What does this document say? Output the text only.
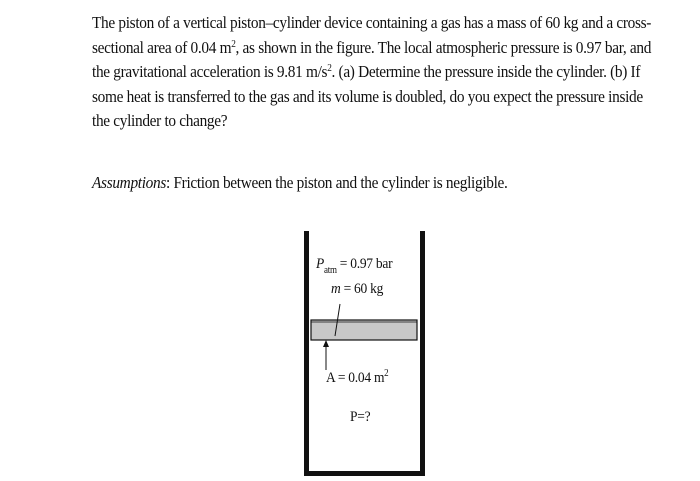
The piston of a vertical piston–cylinder device containing a gas has a mass of 60 kg and a cross-
sectional area of 0.04 $m^2$, as shown in the figure. The local atmospheric pressure is 0.97 bar, and
the gravitational acceleration is 9.81 $m/s^2$. (a) Determine the pressure inside the cylinder. (b) If
some heat is transferred to the gas and its volume is doubled, do you expect the pressure inside
the cylinder to change?
Assumptions: Friction between the piston and the cylinder is negligible.
$P_{atm} = 0.97$ bar
m = 60 kg
A = 0.04 $m^2$
P=?
